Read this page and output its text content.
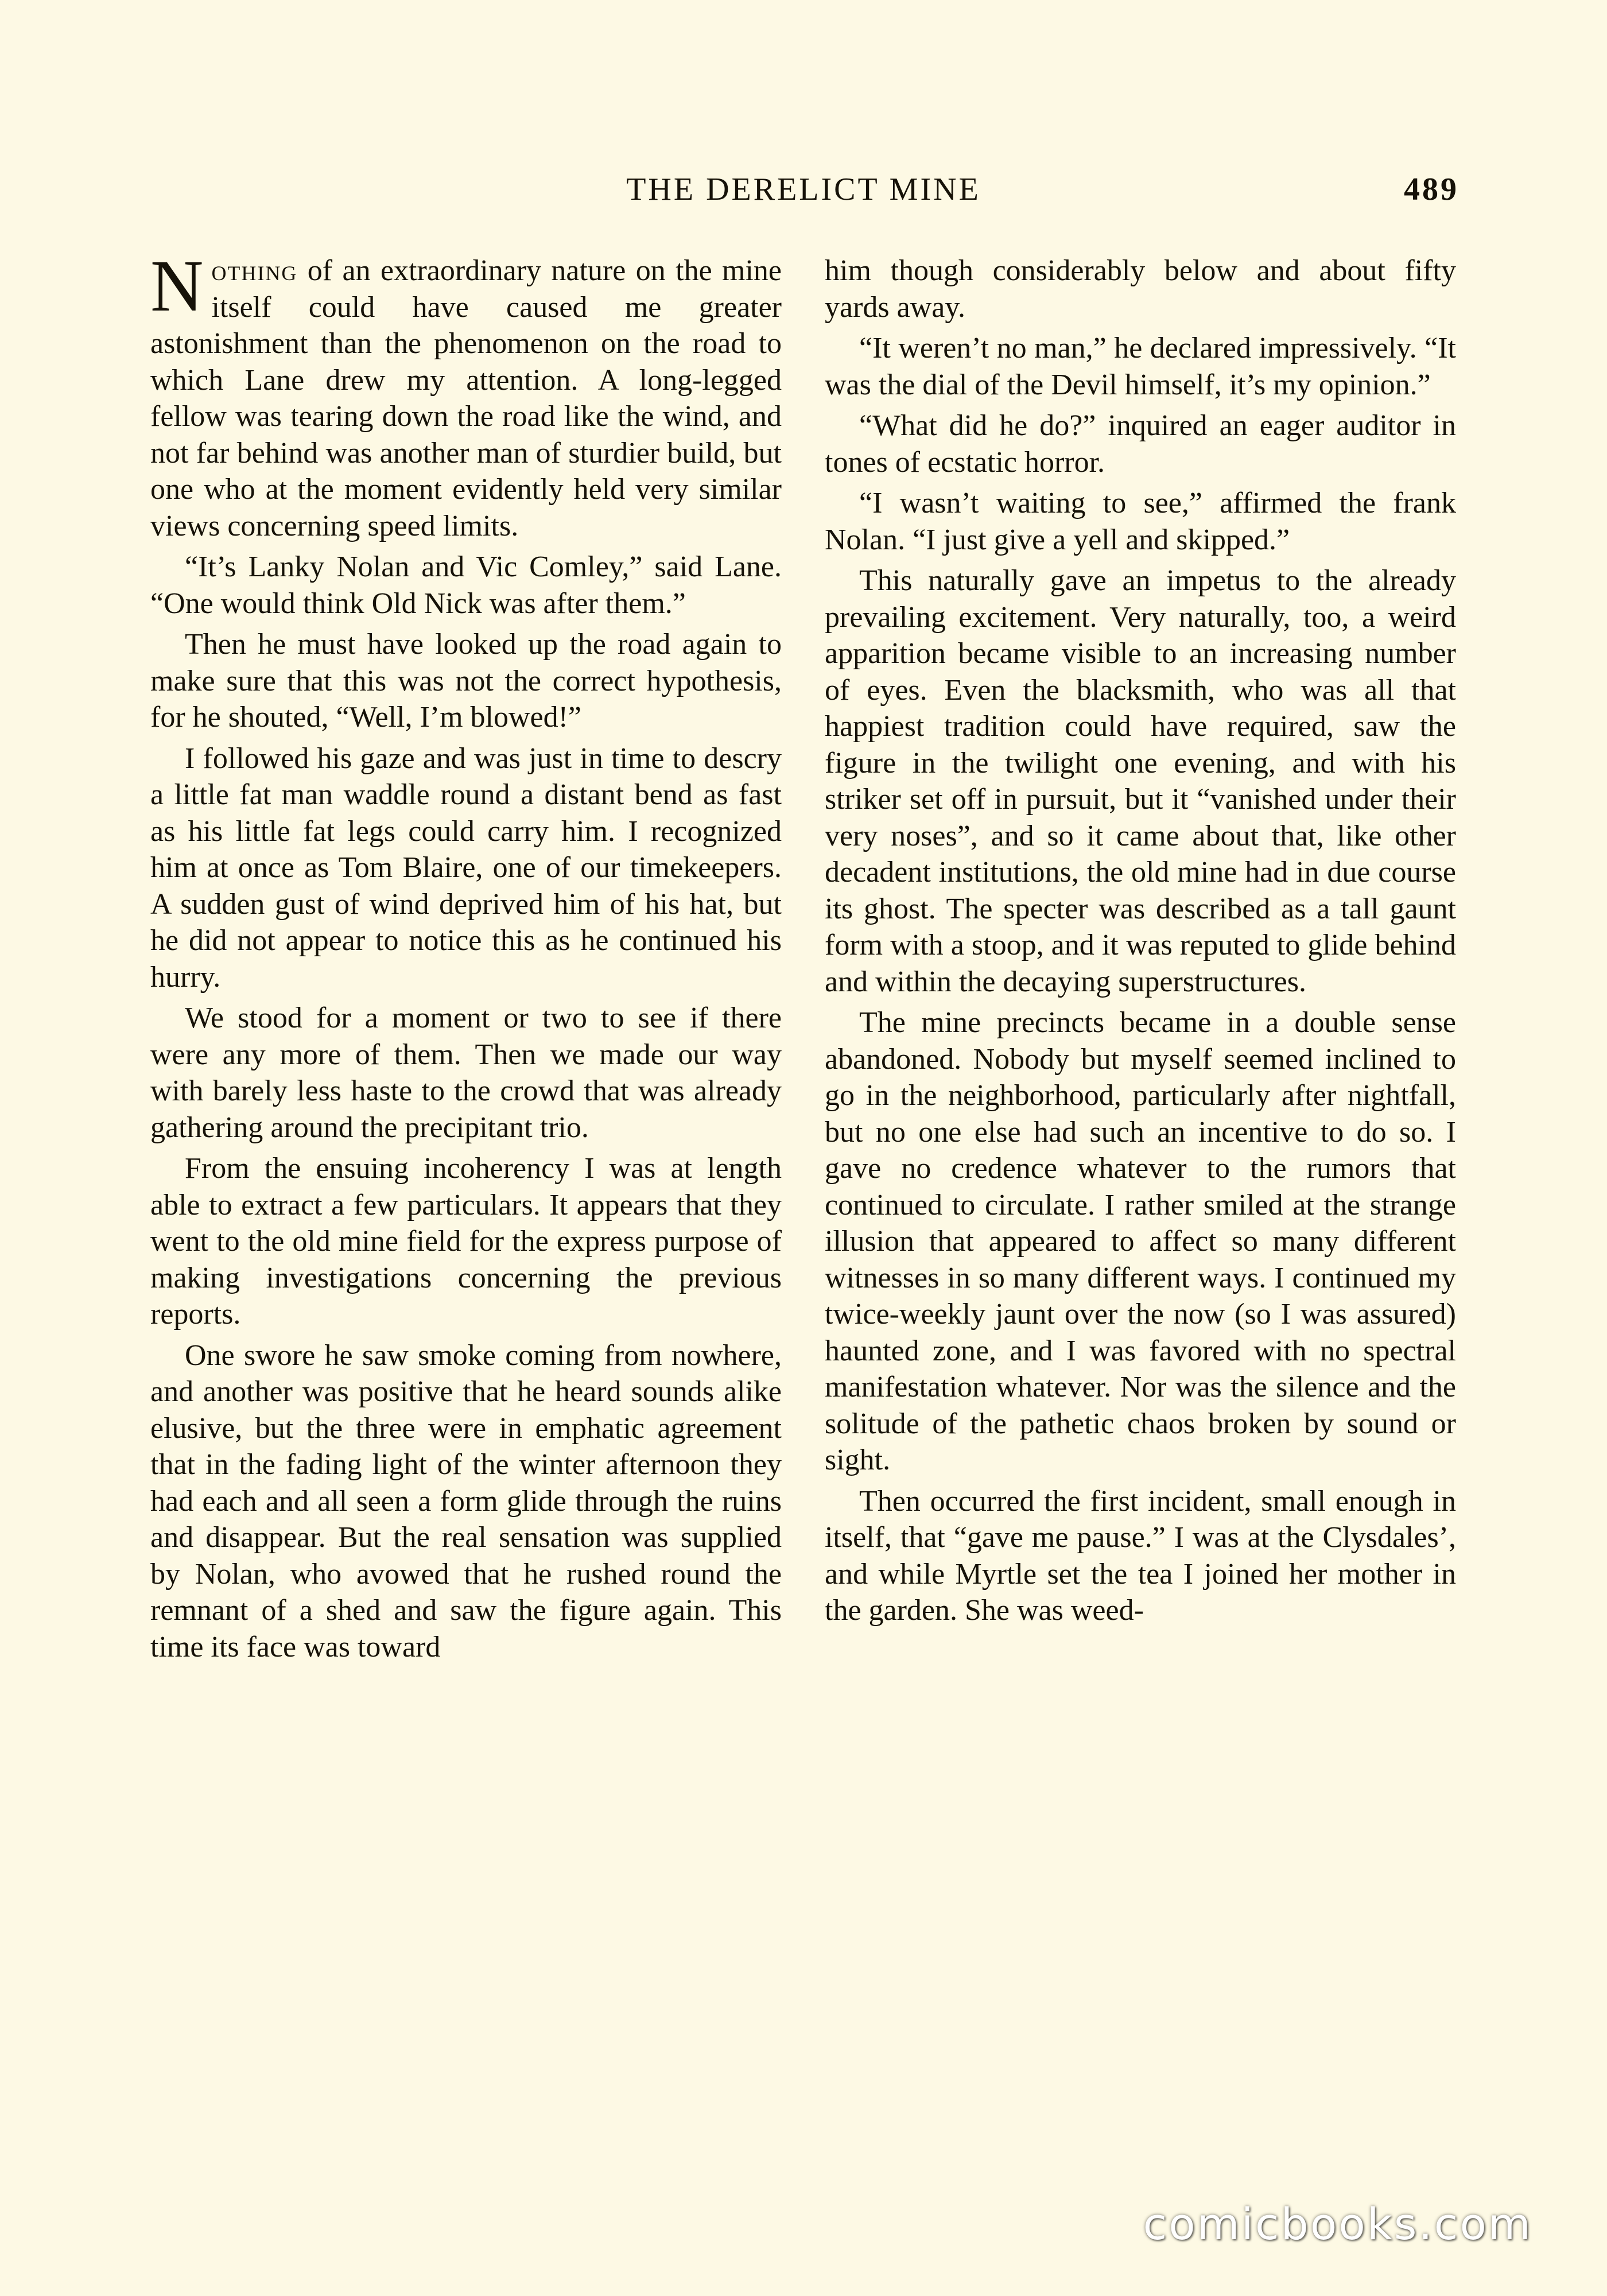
THE DERELICT MINE	489

Nothing of an extraordinary nature on the mine itself could have caused me greater astonishment than the phenomenon on the road to which Lane drew my attention. A long-legged fellow was tearing down the road like the wind, and not far behind was another man of sturdier build, but one who at the moment evidently held very similar views concerning speed limits.

“It’s Lanky Nolan and Vic Comley,” said Lane. “One would think Old Nick was after them.”

Then he must have looked up the road again to make sure that this was not the correct hypothesis, for he shouted, “Well, I’m blowed!”

I followed his gaze and was just in time to descry a little fat man waddle round a distant bend as fast as his little fat legs could carry him. I recognized him at once as Tom Blaire, one of our timekeepers. A sudden gust of wind deprived him of his hat, but he did not appear to notice this as he continued his hurry.

We stood for a moment or two to see if there were any more of them. Then we made our way with barely less haste to the crowd that was already gathering around the precipitant trio.

From the ensuing incoherency I was at length able to extract a few particulars. It appears that they went to the old mine field for the express purpose of making investigations concerning the previous reports.

One swore he saw smoke coming from nowhere, and another was positive that he heard sounds alike elusive, but the three were in emphatic agreement that in the fading light of the winter afternoon they had each and all seen a form glide through the ruins and disappear. But the real sensation was supplied by Nolan, who avowed that he rushed round the remnant of a shed and saw the figure again. This time its face was toward

him though considerably below and about fifty yards away.

“It weren’t no man,” he declared impressively. “It was the dial of the Devil himself, it’s my opinion.”

“What did he do?” inquired an eager auditor in tones of ecstatic horror.

“I wasn’t waiting to see,” affirmed the frank Nolan. “I just give a yell and skipped.”

This naturally gave an impetus to the already prevailing excitement. Very naturally, too, a weird apparition became visible to an increasing number of eyes. Even the blacksmith, who was all that happiest tradition could have required, saw the figure in the twilight one evening, and with his striker set off in pursuit, but it “vanished under their very noses”, and so it came about that, like other decadent institutions, the old mine had in due course its ghost. The specter was described as a tall gaunt form with a stoop, and it was reputed to glide behind and within the decaying superstructures.

The mine precincts became in a double sense abandoned. Nobody but myself seemed inclined to go in the neighborhood, particularly after nightfall, but no one else had such an incentive to do so. I gave no credence whatever to the rumors that continued to circulate. I rather smiled at the strange illusion that appeared to affect so many different witnesses in so many different ways. I continued my twice-weekly jaunt over the now (so I was assured) haunted zone, and I was favored with no spectral manifestation whatever. Nor was the silence and the solitude of the pathetic chaos broken by sound or sight.

Then occurred the first incident, small enough in itself, that “gave me pause.” I was at the Clysdales’, and while Myrtle set the tea I joined her mother in the garden. She was weed-

comicbooks.com
